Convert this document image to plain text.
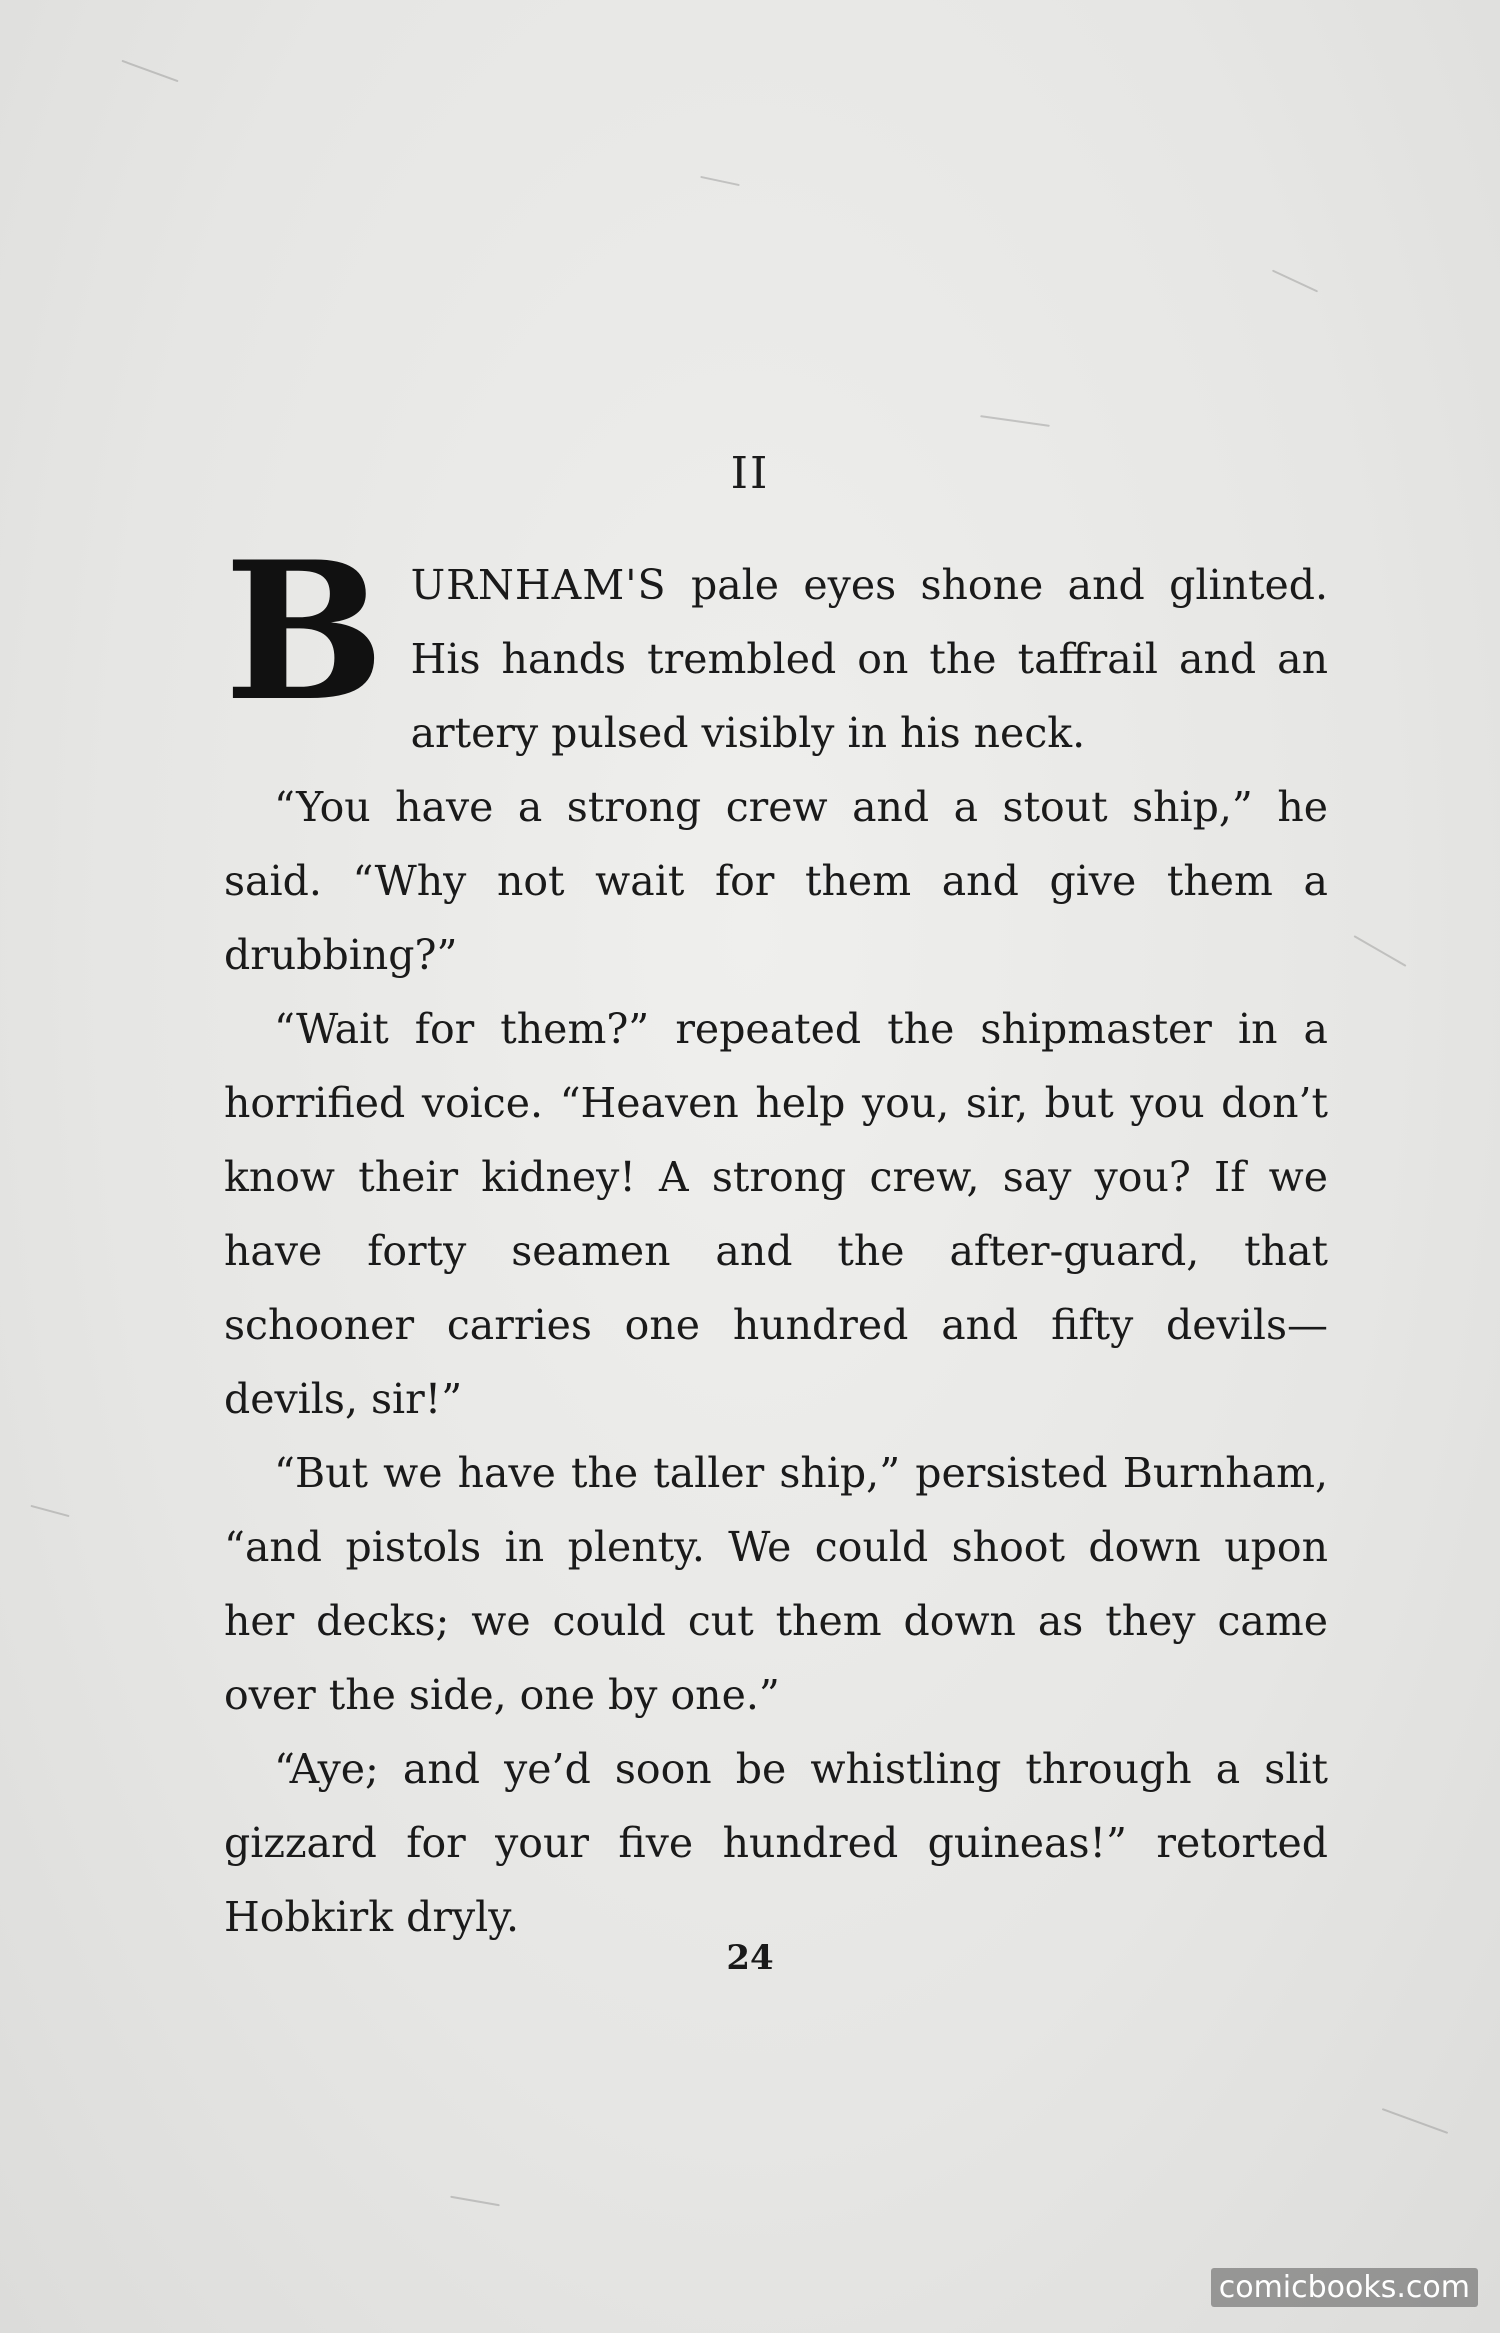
II

BURNHAM'S pale eyes shone and glinted. His hands trembled on the taffrail and an artery pulsed visibly in his neck.

“You have a strong crew and a stout ship,” he said. “Why not wait for them and give them a drubbing?”

“Wait for them?” repeated the shipmaster in a horrified voice. “Heaven help you, sir, but you don’t know their kidney! A strong crew, say you? If we have forty seamen and the after-guard, that schooner carries one hundred and fifty devils—devils, sir!”

“But we have the taller ship,” persisted Burnham, “and pistols in plenty. We could shoot down upon her decks; we could cut them down as they came over the side, one by one.”

“Aye; and ye’d soon be whistling through a slit gizzard for your five hundred guineas!” retorted Hobkirk dryly.

24
comicbooks.com
